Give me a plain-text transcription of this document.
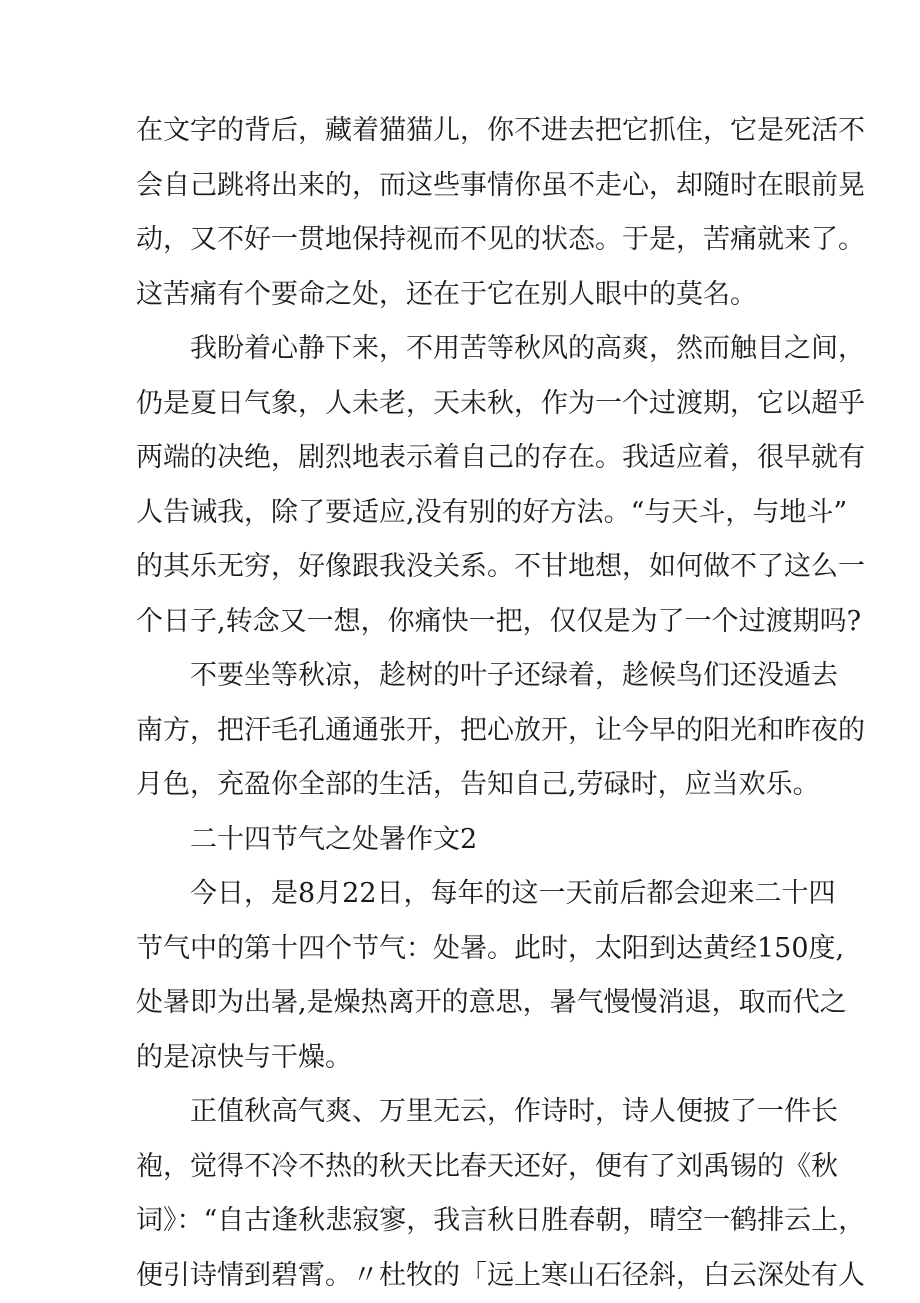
在文字的背后，藏着猫猫儿，你不进去把它抓住，它是死活不
会自己跳将出来的，而这些事情你虽不走心，却随时在眼前晃
动，又不好一贯地保持视而不见的状态。于是，苦痛就来了。
这苦痛有个要命之处，还在于它在别人眼中的莫名。
我盼着心静下来，不用苦等秋风的高爽，然而触目之间，
仍是夏日气象，人未老，天未秋，作为一个过渡期，它以超乎
两端的决绝，剧烈地表示着自己的存在。我适应着，很早就有
人告诫我，除了要适应,没有别的好方法。“与天斗，与地斗”
的其乐无穷，好像跟我没关系。不甘地想，如何做不了这么一
个日子,转念又一想，你痛快一把，仅仅是为了一个过渡期吗?
不要坐等秋凉，趁树的叶子还绿着，趁候鸟们还没遁去
南方，把汗毛孔通通张开，把心放开，让今早的阳光和昨夜的
月色，充盈你全部的生活，告知自己,劳碌时，应当欢乐。
二十四节气之处暑作文2
今日，是8月22日，每年的这一天前后都会迎来二十四
节气中的第十四个节气：处暑。此时，太阳到达黄经150度,
处暑即为出暑,是燥热离开的意思，暑气慢慢消退，取而代之
的是凉快与干燥。
正值秋高气爽、万里无云，作诗时，诗人便披了一件长
袍，觉得不冷不热的秋天比春天还好，便有了刘禹锡的《秋
词》：“自古逢秋悲寂寥，我言秋日胜春朝，晴空一鹤排云上，
便引诗情到碧霄。〃杜牧的「远上寒山石径斜，白云深处有人
